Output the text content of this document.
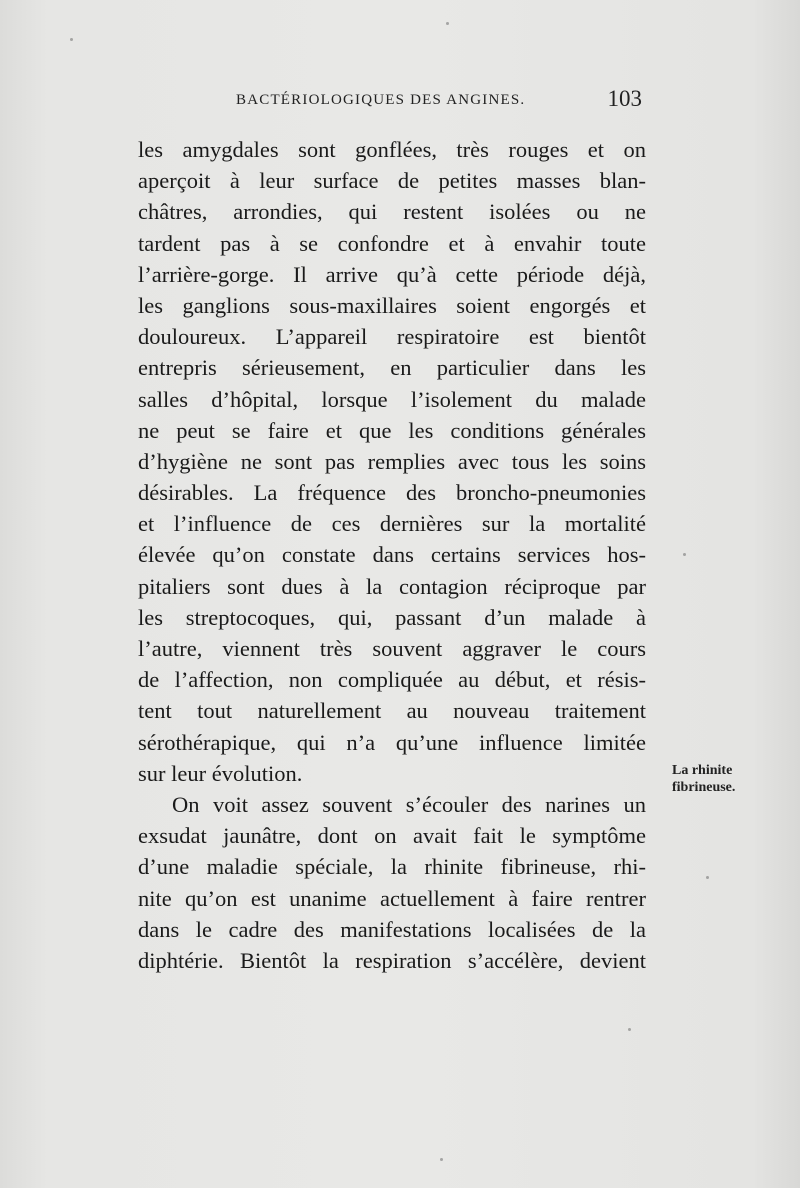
BACTÉRIOLOGIQUES DES ANGINES.	103
les amygdales sont gonflées, très rouges et on
aperçoit à leur surface de petites masses blan-
châtres, arrondies, qui restent isolées ou ne
tardent pas à se confondre et à envahir toute
l’arrière-gorge. Il arrive qu’à cette période déjà,
les ganglions sous-maxillaires soient engorgés et
douloureux. L’appareil respiratoire est bientôt
entrepris sérieusement, en particulier dans les
salles d’hôpital, lorsque l’isolement du malade
ne peut se faire et que les conditions générales
d’hygiène ne sont pas remplies avec tous les soins
désirables. La fréquence des broncho-pneumonies
et l’influence de ces dernières sur la mortalité
élevée qu’on constate dans certains services hos-
pitaliers sont dues à la contagion réciproque par
les streptocoques, qui, passant d’un malade à
l’autre, viennent très souvent aggraver le cours
de l’affection, non compliquée au début, et résis-
tent tout naturellement au nouveau traitement
sérothérapique, qui n’a qu’une influence limitée
sur leur évolution.
On voit assez souvent s’écouler des narines un
exsudat jaunâtre, dont on avait fait le symptôme
d’une maladie spéciale, la rhinite fibrineuse, rhi-
nite qu’on est unanime actuellement à faire rentrer
dans le cadre des manifestations localisées de la
diphtérie. Bientôt la respiration s’accélère, devient
La rhinite
fibrineuse.
